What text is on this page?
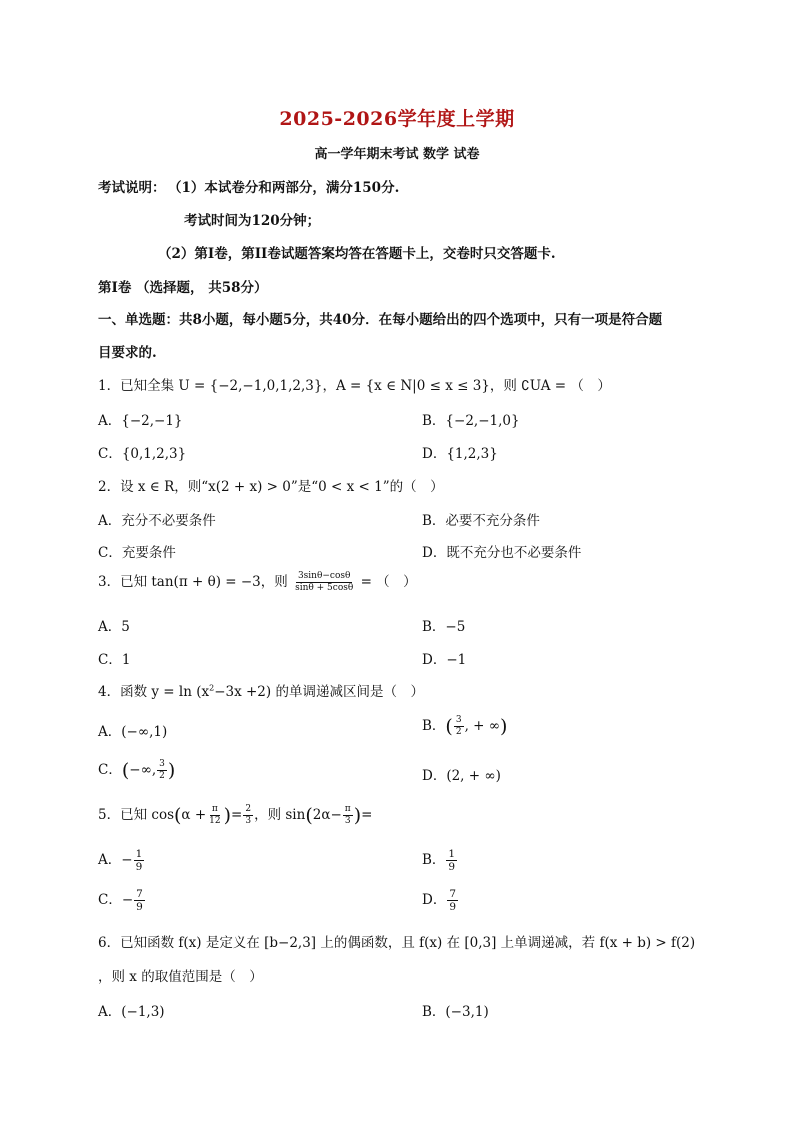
2025-2026学年度上学期
高一学年期末考试 数学 试卷
考试说明： （1）本试卷分和两部分，满分150分.
考试时间为120分钟；
（2）第I卷，第II卷试题答案均答在答题卡上，交卷时只交答题卡.
第I卷 （选择题， 共58分）
一、单选题：共8小题，每小题5分，共40分．在每小题给出的四个选项中，只有一项是符合题
目要求的.
1．已知全集 U = {−2,−1,0,1,2,3}，A = {x ∈ N|0 ≤ x ≤ 3}，则 ∁UA = （　）
A．{−2,−1}	B．{−2,−1,0}
C．{0,1,2,3}	D．{1,2,3}
2．设 x ∈ R，则“x(2 + x) > 0”是“0 < x < 1”的（　）
A．充分不必要条件	B．必要不充分条件
C．充要条件	D．既不充分也不必要条件
3．已知 tan(π + θ) = −3，则 $\frac{3\sin\theta-\cos\theta}{\sin\theta + 5\cos\theta}$ = （　）
A．5	B．−5
C．1	D．−1
4．函数 $y = \ln (x^2-3x +2)$ 的单调递减区间是（　）
A．(−∞,1)	B．( $\frac{3}{2}$ , + ∞)
C．(−∞, $\frac{3}{2}$ )	D．(2, + ∞)
5．已知 $\cos(\alpha + \frac{\pi}{12}$ )= $\frac{2}{3}$ ，则 $\sin(2\alpha- \frac{\pi}{3}$ )=
A．− $\frac{1}{9}$	B． $\frac{1}{9}$
C．− $\frac{7}{9}$	D． $\frac{7}{9}$
6．已知函数 f(x) 是定义在 [b−2,3] 上的偶函数，且 f(x) 在 [0,3] 上单调递减，若 f(x + b) > f(2)
，则 x 的取值范围是（　）
A．(−1,3)	B．(−3,1)
